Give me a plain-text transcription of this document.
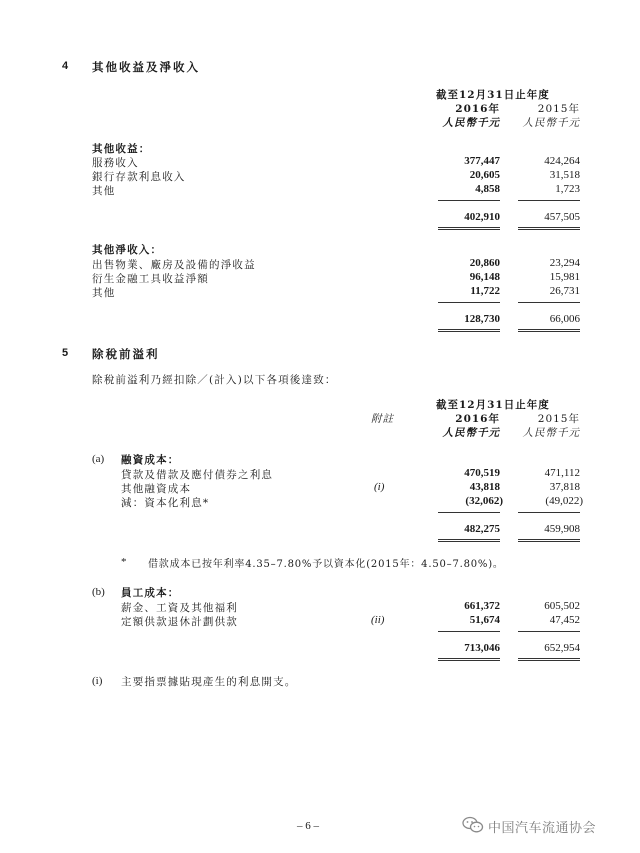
4 其他收益及淨收入
截至12月31日止年度
2016年	2015年
人民幣千元 人民幣千元
其他收益：
服務收入	377,447	424,264
銀行存款利息收入	20,605	31,518
其他	4,858	1,723
402,910	457,505
其他淨收入：
出售物業、廠房及設備的淨收益	20,860	23,294
衍生金融工具收益淨額	96,148	15,981
其他	11,722	26,731
128,730	66,006
5 除稅前溢利
除稅前溢利乃經扣除／(計入)以下各項後達致：
截至12月31日止年度
附註	2016年	2015年
人民幣千元 人民幣千元
(a) 融資成本：
貸款及借款及應付債券之利息	470,519	471,112
其他融資成本	(i)	43,818	37,818
減：資本化利息*	(32,062)	(49,022)
482,275	459,908
* 借款成本已按年利率4.35–7.80%予以資本化(2015年：4.50–7.80%)。
(b) 員工成本：
薪金、工資及其他福利	661,372	605,502
定額供款退休計劃供款	(ii)	51,674	47,452
713,046	652,954
(i) 主要指票據貼現產生的利息開支。
– 6 –	中国汽车流通协会
